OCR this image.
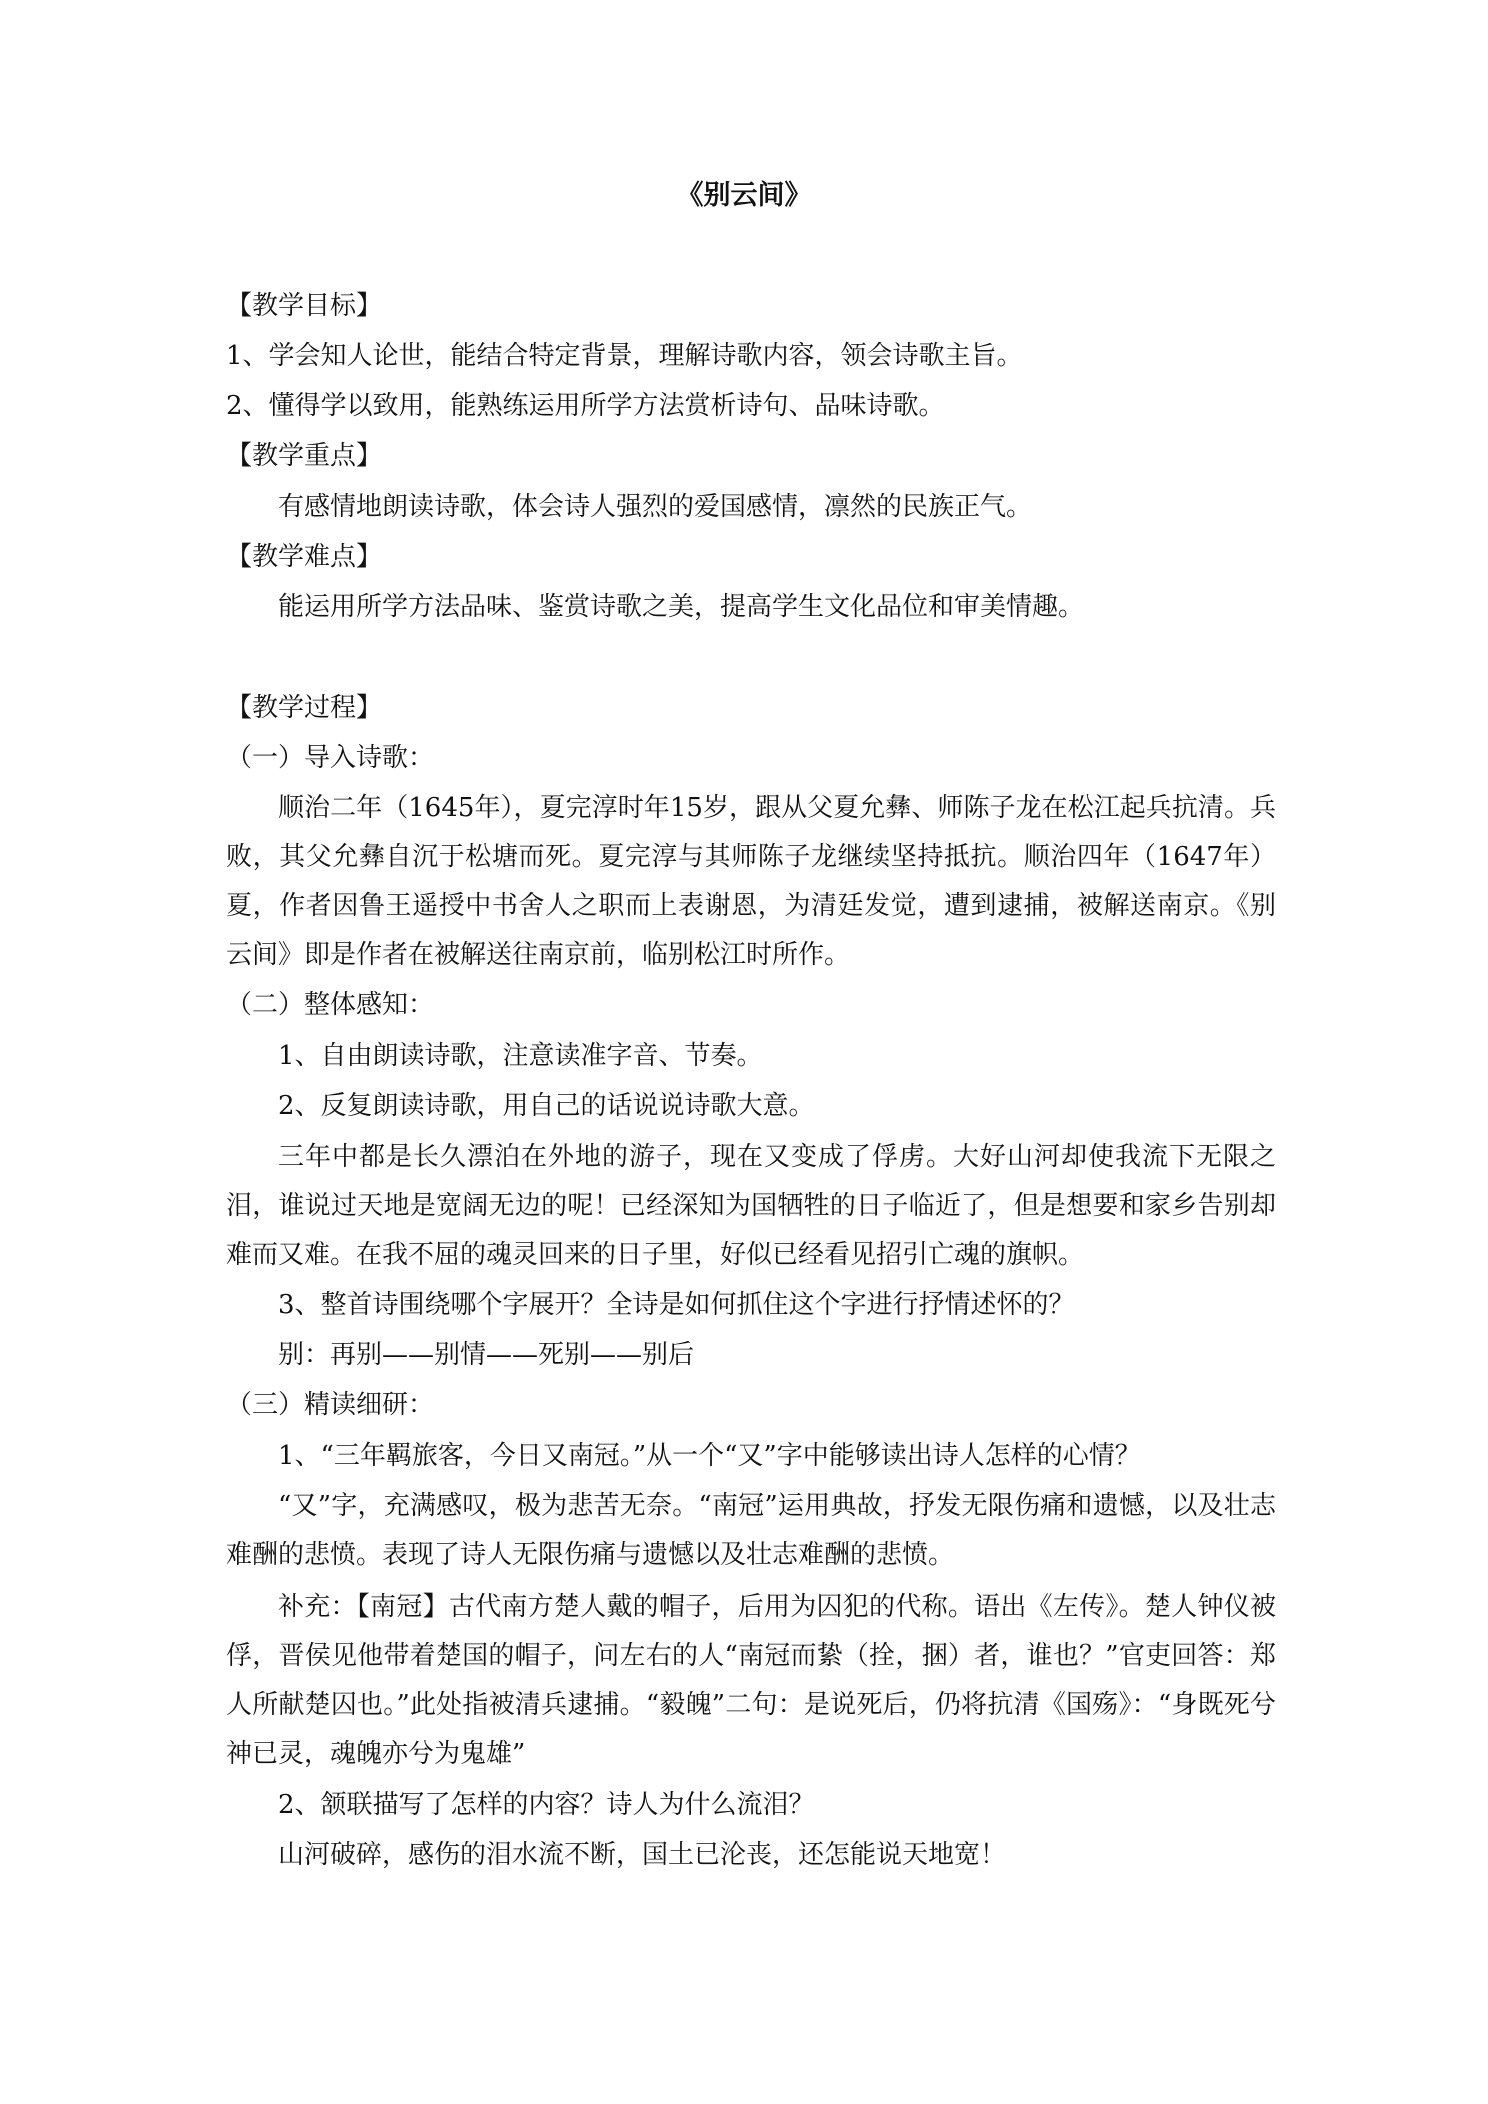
《别云间》
【教学目标】
1、学会知人论世，能结合特定背景，理解诗歌内容，领会诗歌主旨。
2、懂得学以致用，能熟练运用所学方法赏析诗句、品味诗歌。
【教学重点】
有感情地朗读诗歌，体会诗人强烈的爱国感情，凛然的民族正气。
【教学难点】
能运用所学方法品味、鉴赏诗歌之美，提高学生文化品位和审美情趣。
【教学过程】
（一）导入诗歌：
顺治二年（1645年），夏完淳时年15岁，跟从父夏允彝、师陈子龙在松江起兵抗清。兵败，其父允彝自沉于松塘而死。夏完淳与其师陈子龙继续坚持抵抗。顺治四年（1647年）夏，作者因鲁王遥授中书舍人之职而上表谢恩，为清廷发觉，遭到逮捕，被解送南京。《别云间》即是作者在被解送往南京前，临别松江时所作。
（二）整体感知：
1、自由朗读诗歌，注意读准字音、节奏。
2、反复朗读诗歌，用自己的话说说诗歌大意。
三年中都是长久漂泊在外地的游子，现在又变成了俘虏。大好山河却使我流下无限之泪，谁说过天地是宽阔无边的呢！已经深知为国牺牲的日子临近了，但是想要和家乡告别却难而又难。在我不屈的魂灵回来的日子里，好似已经看见招引亡魂的旗帜。
3、整首诗围绕哪个字展开？全诗是如何抓住这个字进行抒情述怀的？
别：再别——别情——死别——别后
（三）精读细研：
1、“三年羁旅客，今日又南冠。”从一个“又”字中能够读出诗人怎样的心情？
“又”字，充满感叹，极为悲苦无奈。“南冠”运用典故，抒发无限伤痛和遗憾，以及壮志难酬的悲愤。表现了诗人无限伤痛与遗憾以及壮志难酬的悲愤。
补充：【南冠】古代南方楚人戴的帽子，后用为囚犯的代称。语出《左传》。楚人钟仪被俘，晋侯见他带着楚国的帽子，问左右的人“南冠而絷（拴，捆）者，谁也？”官吏回答：郑人所献楚囚也。”此处指被清兵逮捕。“毅魄”二句：是说死后，仍将抗清《国殇》：“身既死兮神已灵，魂魄亦兮为鬼雄”
2、颔联描写了怎样的内容？诗人为什么流泪？
山河破碎，感伤的泪水流不断，国土已沦丧，还怎能说天地宽！
